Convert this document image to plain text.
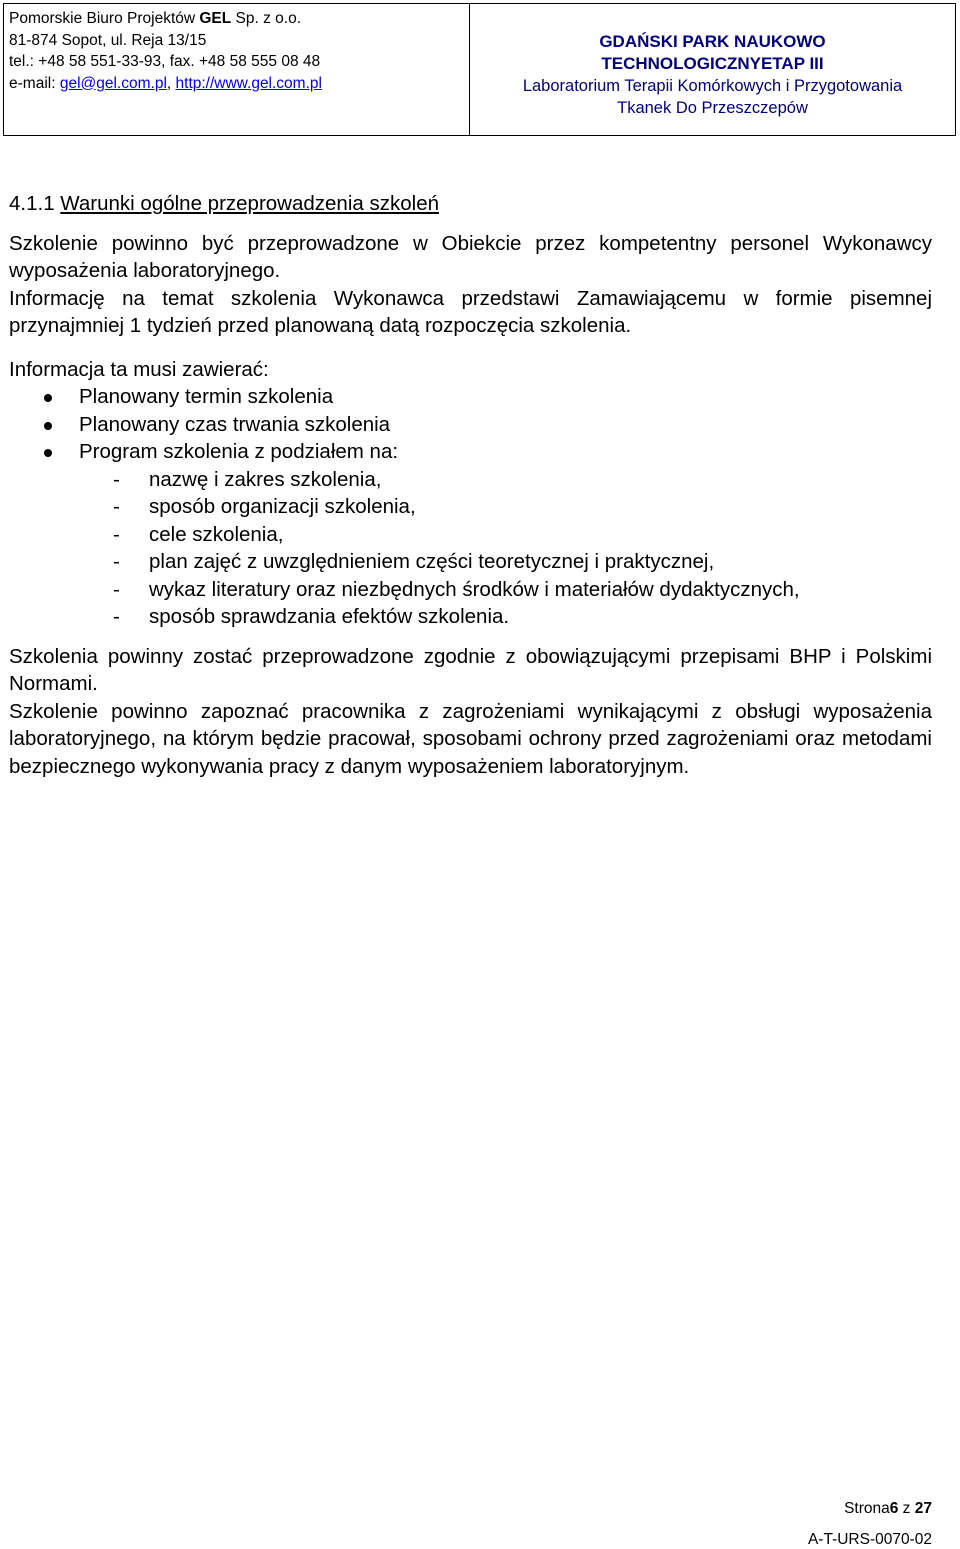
Pomorskie Biuro Projektów GEL Sp. z o.o.
81-874 Sopot, ul. Reja 13/15
tel.: +48 58 551-33-93, fax. +48 58 555 08 48
e-mail: gel@gel.com.pl, http://www.gel.com.pl
GDAŃSKI PARK NAUKOWO
TECHNOLOGICZNYETAP III
Laboratorium Terapii Komórkowych i Przygotowania
Tkanek Do Przeszczepów
4.1.1 Warunki ogólne przeprowadzenia szkoleń

Szkolenie powinno być przeprowadzone w Obiekcie przez kompetentny personel Wykonawcy wyposażenia laboratoryjnego.

Informację na temat szkolenia Wykonawca przedstawi Zamawiającemu w formie pisemnej przynajmniej 1 tydzień przed planowaną datą rozpoczęcia szkolenia.

Informacja ta musi zawierać:

Planowany termin szkolenia
Planowany czas trwania szkolenia
Program szkolenia z podziałem na:
- nazwę i zakres szkolenia,
- sposób organizacji szkolenia,
- cele szkolenia,
- plan zajęć z uwzględnieniem części teoretycznej i praktycznej,
- wykaz literatury oraz niezbędnych środków i materiałów dydaktycznych,
- sposób sprawdzania efektów szkolenia.

Szkolenia powinny zostać przeprowadzone zgodnie z obowiązującymi przepisami BHP i Polskimi Normami.

Szkolenie powinno zapoznać pracownika z zagrożeniami wynikającymi z obsługi wyposażenia laboratoryjnego, na którym będzie pracował, sposobami ochrony przed zagrożeniami oraz metodami bezpiecznego wykonywania pracy z danym wyposażeniem laboratoryjnym.

Strona6 z 27
A-T-URS-0070-02
